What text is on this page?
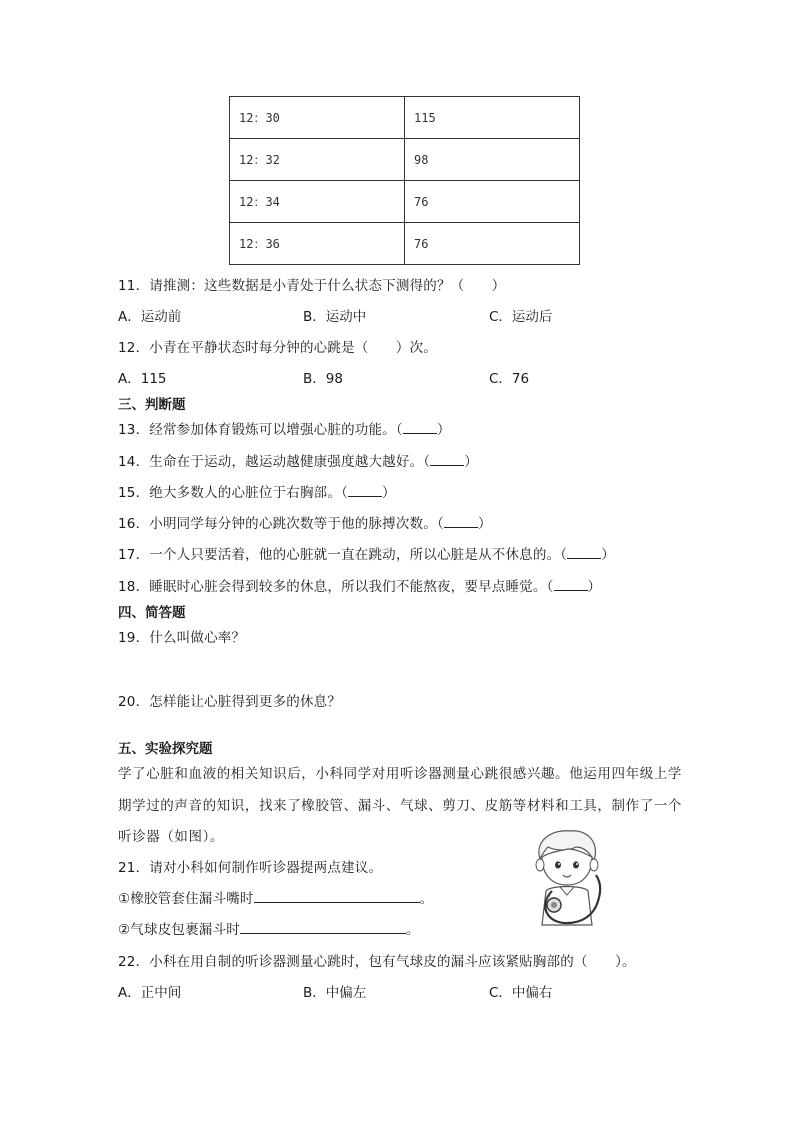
12：30	115
12：32	98
12：34	76
12：36	76
11．请推测：这些数据是小青处于什么状态下测得的？（　　）
A．运动前	B．运动中	C．运动后
12．小青在平静状态时每分钟的心跳是（　　）次。
A．115	B．98	C．76
三、判断题
13．经常参加体育锻炼可以增强心脏的功能。（	）
14．生命在于运动，越运动越健康强度越大越好。（	）
15．绝大多数人的心脏位于右胸部。（	）
16．小明同学每分钟的心跳次数等于他的脉搏次数。（	）
17．一个人只要活着，他的心脏就一直在跳动，所以心脏是从不休息的。（	）
18．睡眠时心脏会得到较多的休息，所以我们不能熬夜，要早点睡觉。（	）
四、简答题
19．什么叫做心率？
20．怎样能让心脏得到更多的休息？
五、实验探究题
学了心脏和血液的相关知识后，小科同学对用听诊器测量心跳很感兴趣。他运用四年级上学
期学过的声音的知识，找来了橡胶管、漏斗、气球、剪刀、皮筋等材料和工具，制作了一个
听诊器（如图）。
21．请对小科如何制作听诊器提两点建议。
①橡胶管套住漏斗嘴时	。
②气球皮包裹漏斗时	。
22．小科在用自制的听诊器测量心跳时，包有气球皮的漏斗应该紧贴胸部的（　　）。
A．正中间	B．中偏左	C．中偏右
